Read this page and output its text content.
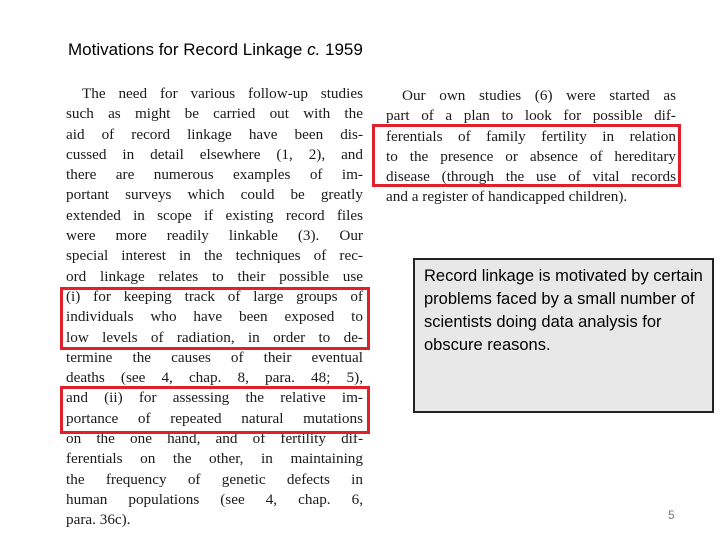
Motivations for Record Linkage c. 1959
The need for various follow-up studies
such as might be carried out with the
aid of record linkage have been dis-
cussed in detail elsewhere (1, 2), and
there are numerous examples of im-
portant surveys which could be greatly
extended in scope if existing record files
were more readily linkable (3). Our
special interest in the techniques of rec-
ord linkage relates to their possible use
(i) for keeping track of large groups of
individuals who have been exposed to
low levels of radiation, in order to de-
termine the causes of their eventual
deaths (see 4, chap. 8, para. 48; 5),
and (ii) for assessing the relative im-
portance of repeated natural mutations
on the one hand, and of fertility dif-
ferentials on the other, in maintaining
the frequency of genetic defects in
human populations (see 4, chap. 6,
para. 36c).
Our own studies (6) were started as
part of a plan to look for possible dif-
ferentials of family fertility in relation
to the presence or absence of hereditary
disease (through the use of vital records
and a register of handicapped children).
Record linkage is motivated by certain problems faced by a small number of scientists doing data analysis for obscure reasons.
5
